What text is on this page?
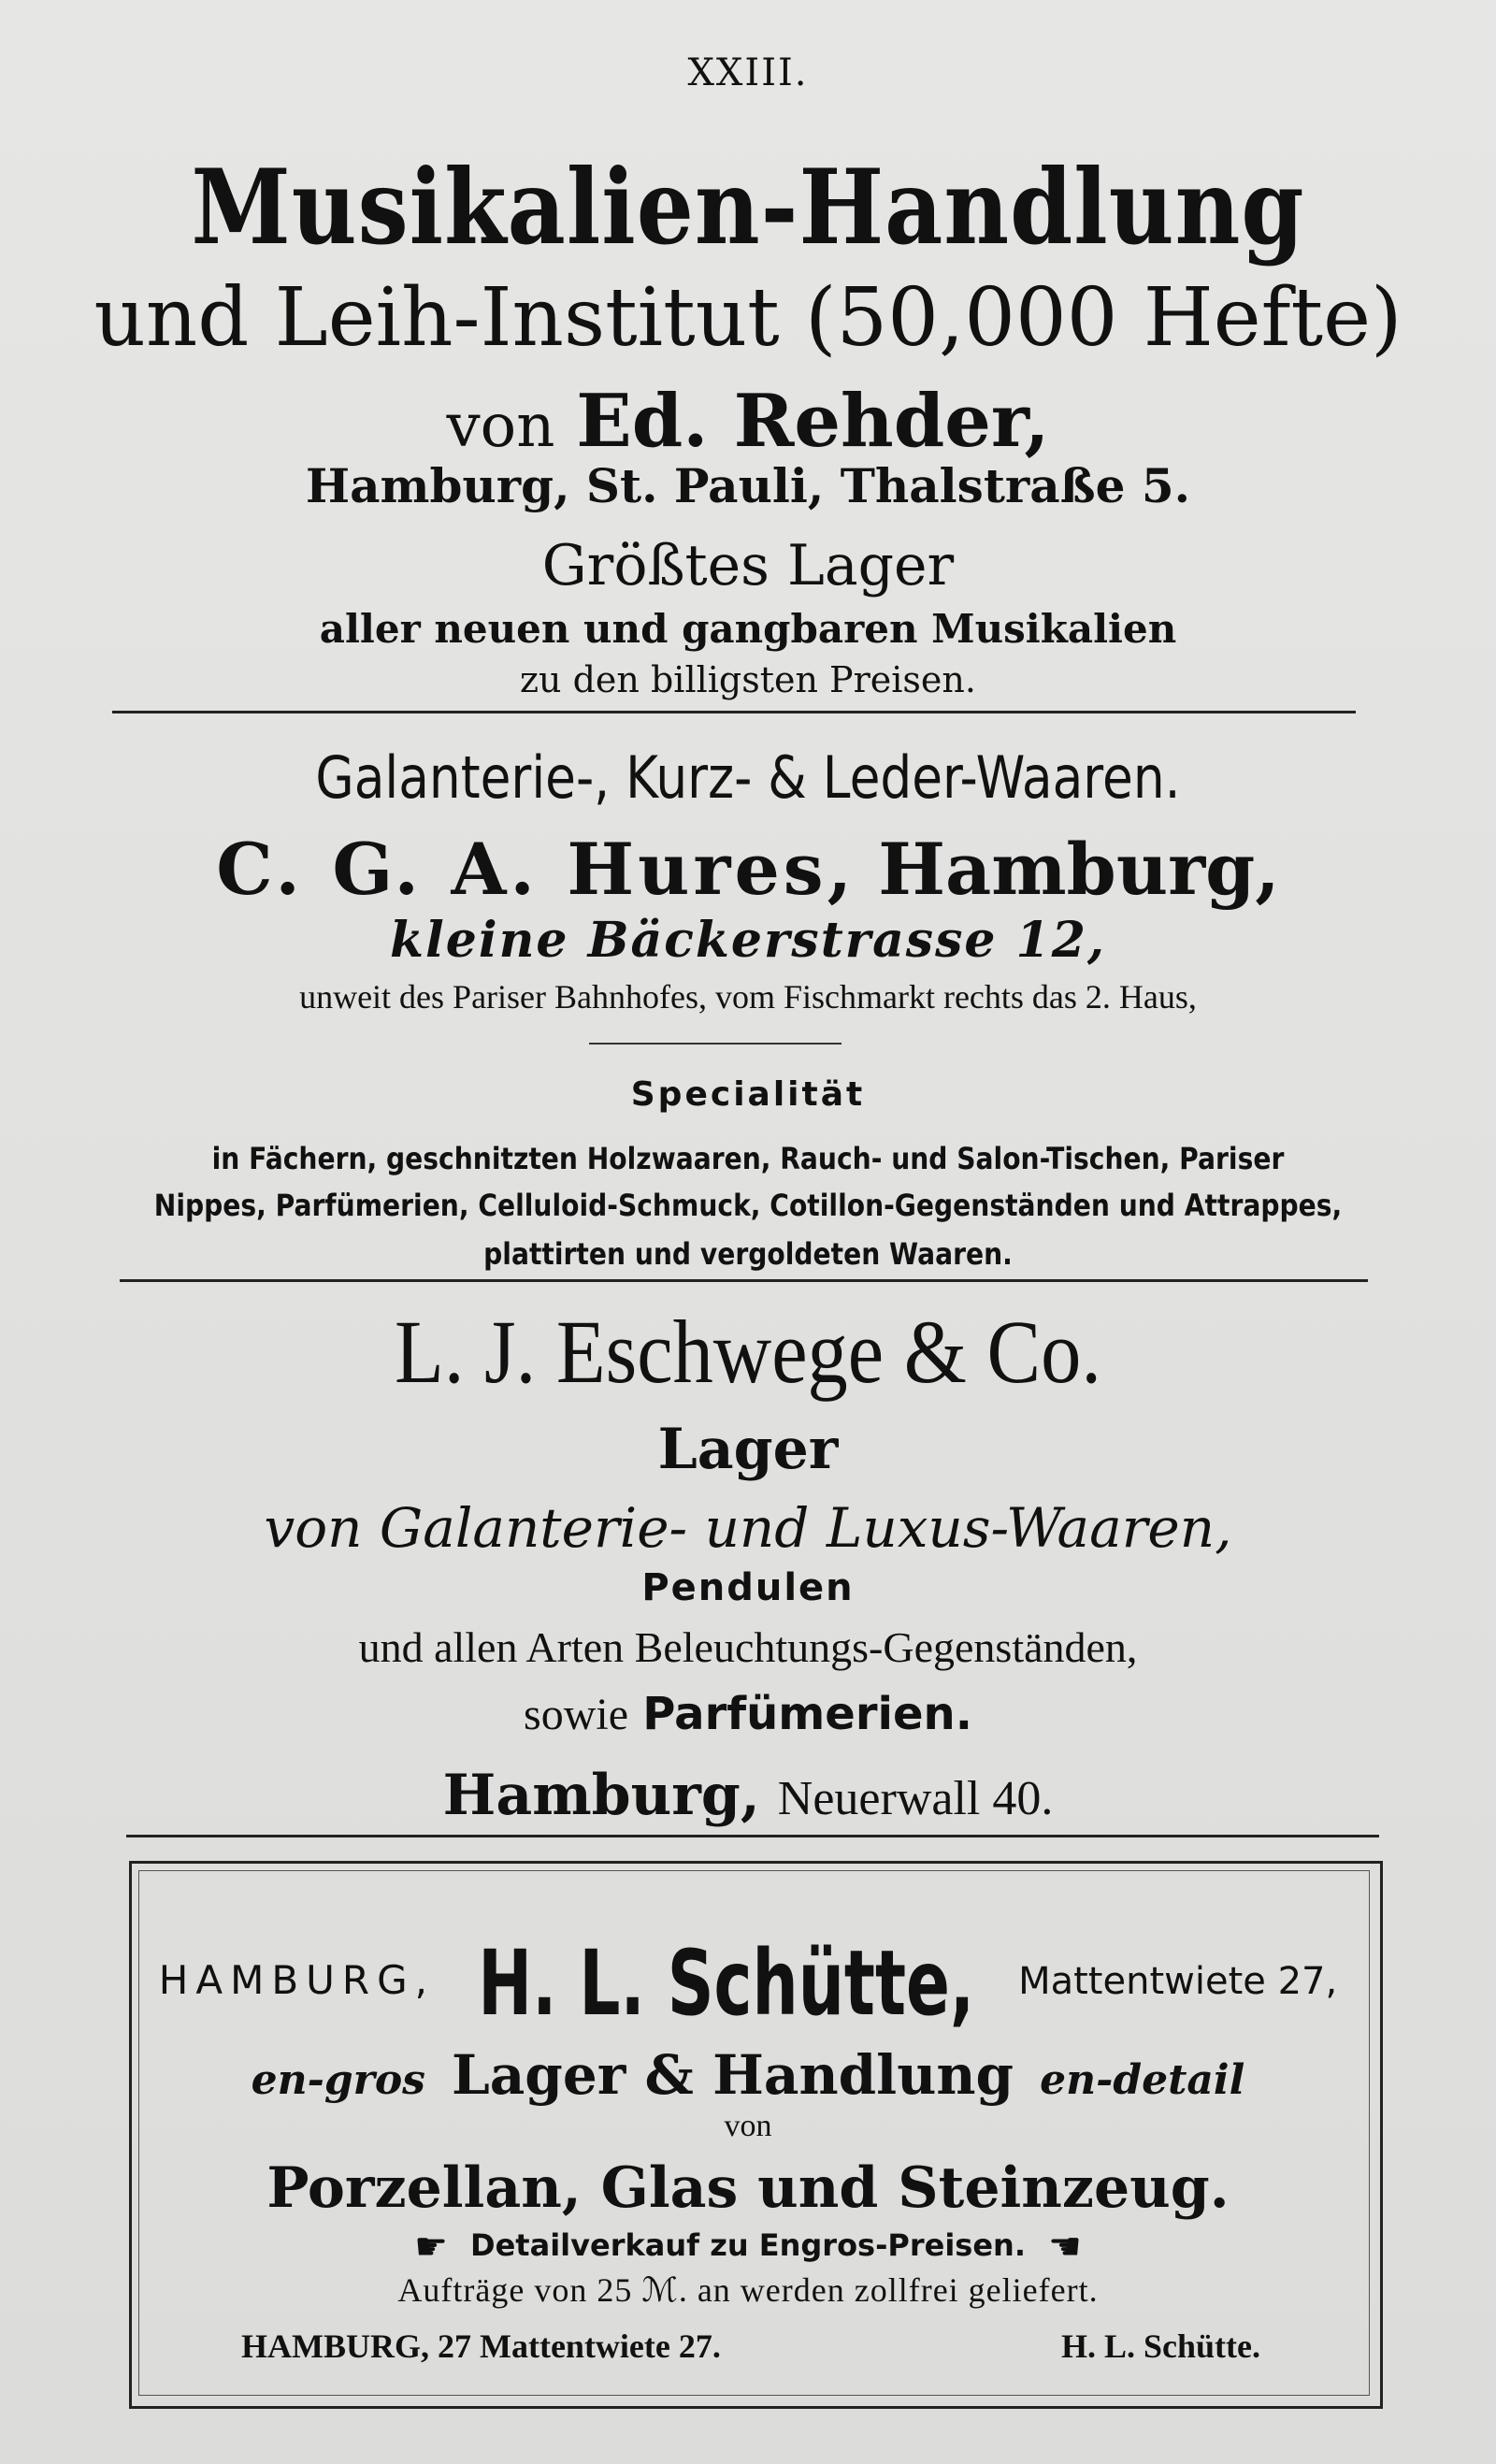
XXIII.
Musikalien-Handlung
und Leih-Institut (50,000 Hefte)
von Ed. Rehder,
Hamburg, St. Pauli, Thalstraße 5.
Größtes Lager
aller neuen und gangbaren Musikalien
zu den billigsten Preisen.
Galanterie-, Kurz- & Leder-Waaren.
C. G. A. Hures, Hamburg,
kleine Bäckerstrasse 12,
unweit des Pariser Bahnhofes, vom Fischmarkt rechts das 2. Haus,
Specialität
in Fächern, geschnitzten Holzwaaren, Rauch- und Salon-Tischen, Pariser
Nippes, Parfümerien, Celluloid-Schmuck, Cotillon-Gegenständen und Attrappes,
plattirten und vergoldeten Waaren.
L. J. Eschwege & Co.
Lager
von Galanterie- und Luxus-Waaren,
Pendulen
und allen Arten Beleuchtungs-Gegenständen,
sowie Parfümerien.
Hamburg, Neuerwall 40.
HAMBURG, H. L. Schütte, Mattentwiete 27,
en-gros Lager & Handlung en-detail
von
Porzellan, Glas und Steinzeug.
☛ Detailverkauf zu Engros-Preisen. ☚
Aufträge von 25 ℳ. an werden zollfrei geliefert.
HAMBURG, 27 Mattentwiete 27.	H. L. Schütte.
